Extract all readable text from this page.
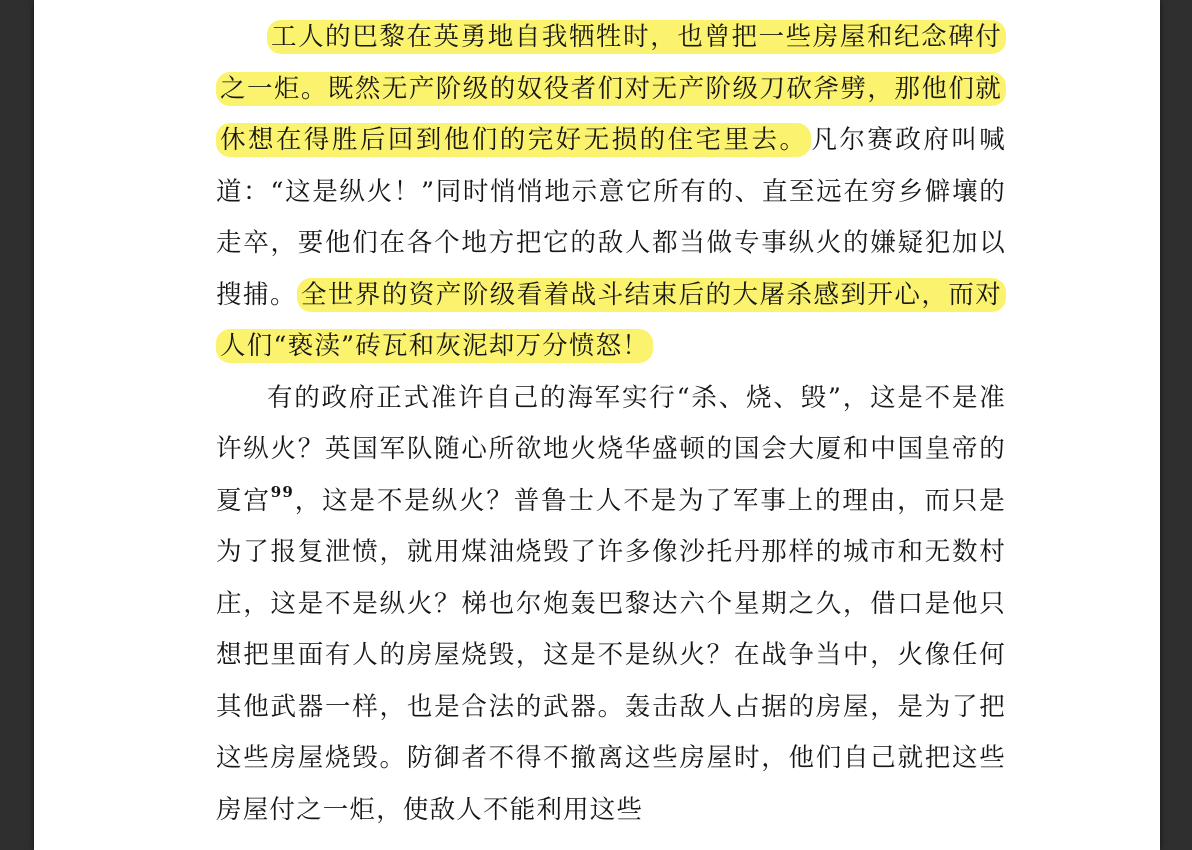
工人的巴黎在英勇地自我牺牲时，也曾把一些房屋和纪念碑付之一炬。既然无产阶级的奴役者们对无产阶级刀砍斧劈，那他们就休想在得胜后回到他们的完好无损的住宅里去。 凡尔赛政府叫喊道：“这是纵火！”同时悄悄地示意它所有的、直至远在穷乡僻壤的走卒，要他们在各个地方把它的敌人都当做专事纵火的嫌疑犯加以搜捕。 全世界的资产阶级看着战斗结束后的大屠杀感到开心，而对人们“亵渎”砖瓦和灰泥却万分愤怒！

有的政府正式准许自己的海军实行“杀、烧、毁”，这是不是准许纵火？英国军队随心所欲地火烧华盛顿的国会大厦和中国皇帝的夏宫$^{99}$，这是不是纵火？普鲁士人不是为了军事上的理由，而只是为了报复泄愤，就用煤油烧毁了许多像沙托丹那样的城市和无数村庄，这是不是纵火？梯也尔炮轰巴黎达六个星期之久，借口是他只想把里面有人的房屋烧毁，这是不是纵火？在战争当中，火像任何其他武器一样，也是合法的武器。轰击敌人占据的房屋，是为了把这些房屋烧毁。防御者不得不撤离这些房屋时，他们自己就把这些房屋付之一炬，使敌人不能利用这些
